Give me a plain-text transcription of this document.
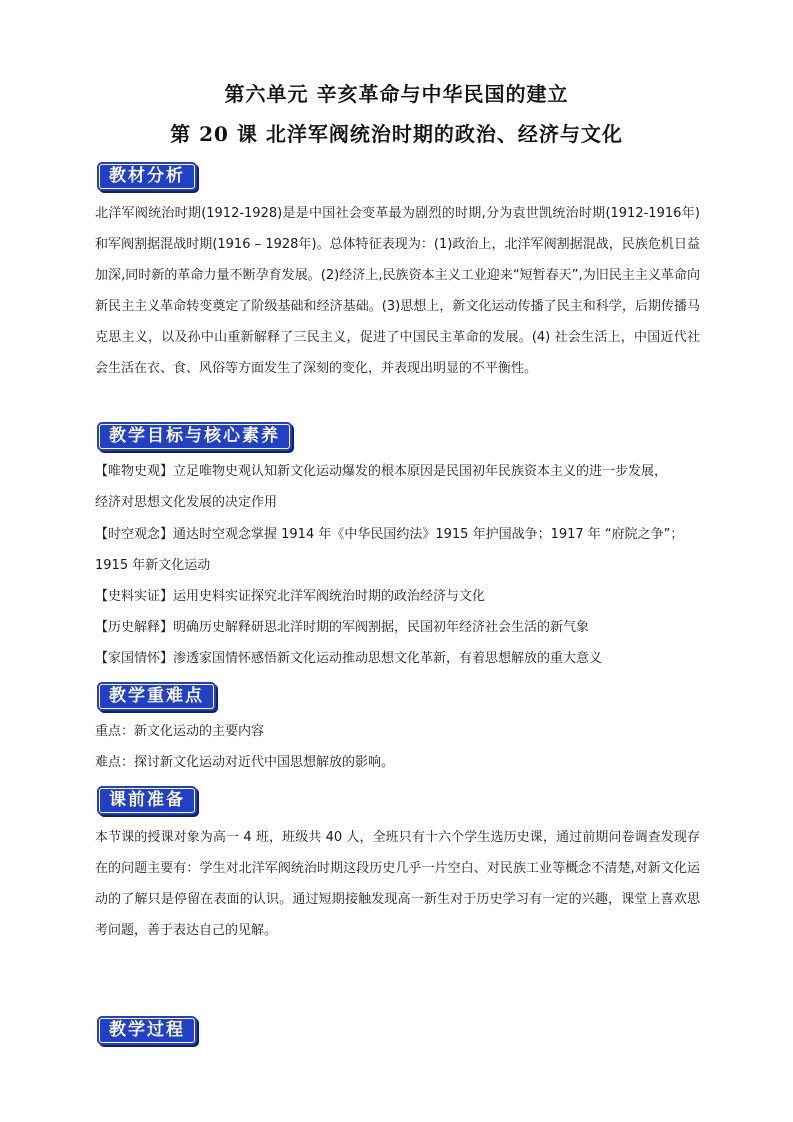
第六单元 辛亥革命与中华民国的建立
第 20 课 北洋军阀统治时期的政治、经济与文化
教材分析
北洋军阀统治时期(1912-1928)是是中国社会变革最为剧烈的时期,分为袁世凯统治时期(1912-1916年)和军阀割据混战时期(1916 – 1928年)。总体特征表现为：(1)政治上，北洋军阀割据混战，民族危机日益加深,同时新的革命力量不断孕育发展。(2)经济上,民族资本主义工业迎来“短暂春天”,为旧民主主义革命向新民主主义革命转变奠定了阶级基础和经济基础。(3)思想上，新文化运动传播了民主和科学，后期传播马克思主义，以及孙中山重新解释了三民主义，促进了中国民主革命的发展。(4) 社会生活上，中国近代社会生活在衣、食、风俗等方面发生了深刻的变化，并表现出明显的不平衡性。
教学目标与核心素养
【唯物史观】立足唯物史观认知新文化运动爆发的根本原因是民国初年民族资本主义的进一步发展，
经济对思想文化发展的决定作用
【时空观念】通达时空观念掌握 1914 年《中华民国约法》1915 年护国战争；1917 年 “府院之争”；
1915 年新文化运动
【史料实证】运用史料实证探究北洋军阀统治时期的政治经济与文化
【历史解释】明确历史解释研思北洋时期的军阀割据，民国初年经济社会生活的新气象
【家国情怀】渗透家国情怀感悟新文化运动推动思想文化革新，有着思想解放的重大意义
教学重难点
重点：新文化运动的主要内容
难点：探讨新文化运动对近代中国思想解放的影响。
课前准备
本节课的授课对象为高一 4 班，班级共 40 人，全班只有十六个学生选历史课，通过前期问卷调查发现存在的问题主要有：学生对北洋军阀统治时期这段历史几乎一片空白、对民族工业等概念不清楚,对新文化运动的了解只是停留在表面的认识。通过短期接触发现高一新生对于历史学习有一定的兴趣，课堂上喜欢思考问题，善于表达自己的见解。
教学过程
